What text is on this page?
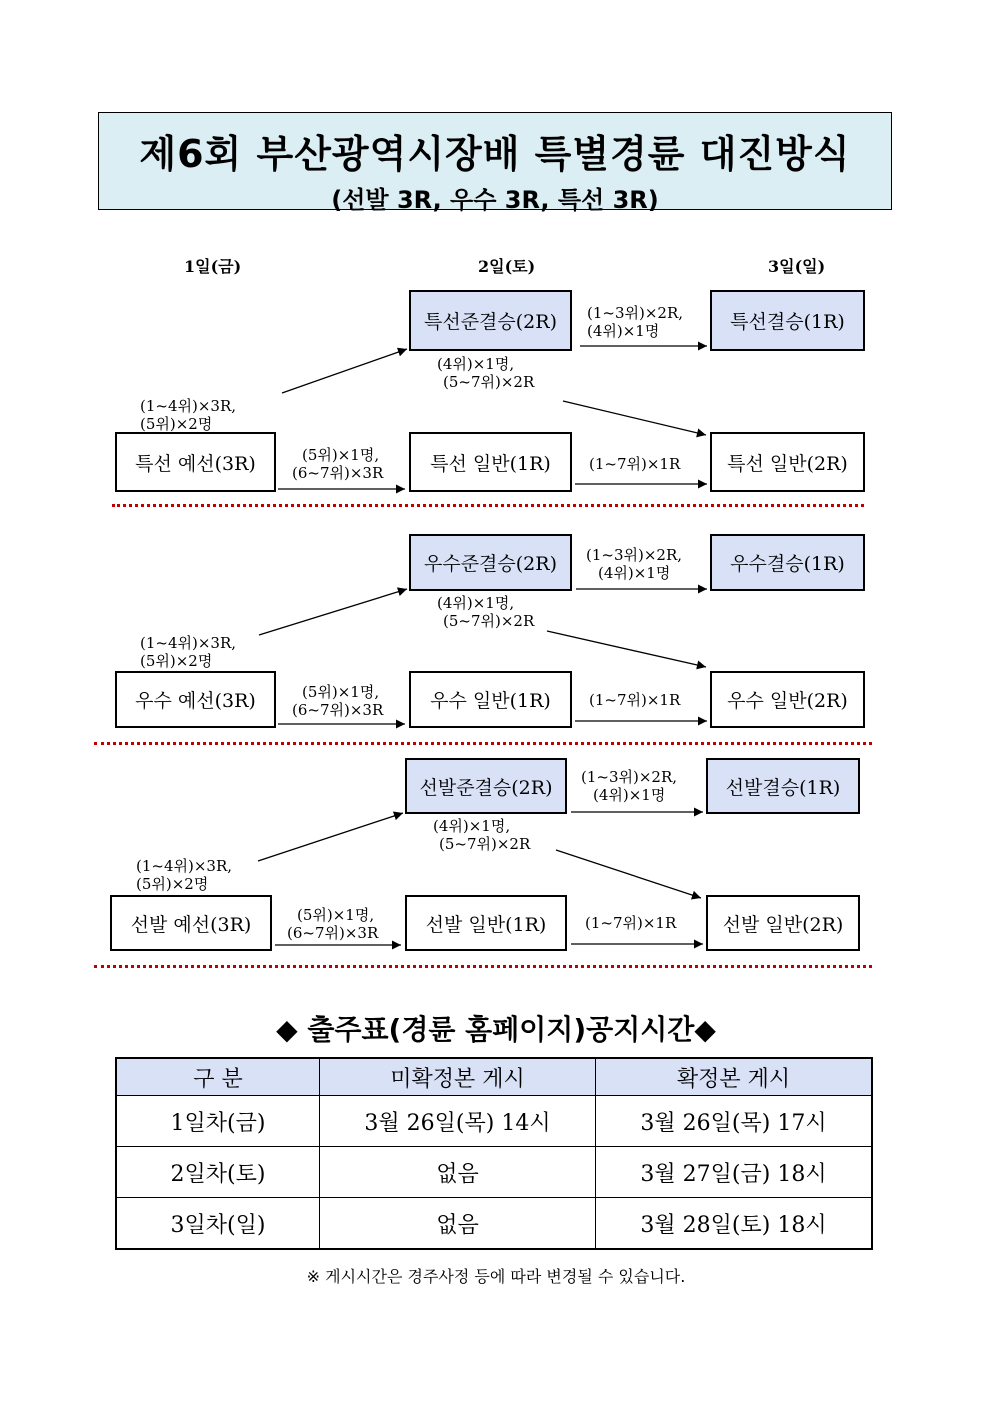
제6회 부산광역시장배 특별경륜 대진방식
(선발 3R, 우수 3R, 특선 3R)
1일(금)	2일(토)	3일(일)
특선준결승(2R)	특선결승(1R)
특선 예선(3R)	특선 일반(1R)	특선 일반(2R)
(1~3위)×2R,
(4위)×1명
(4위)×1명,
(5~7위)×2R
(1~4위)×3R,
(5위)×2명
(5위)×1명,
(6~7위)×3R	(1~7위)×1R
우수준결승(2R)	우수결승(1R)
우수 예선(3R)	우수 일반(1R)	우수 일반(2R)
(1~3위)×2R,
(4위)×1명
(4위)×1명,
(5~7위)×2R
(1~4위)×3R,
(5위)×2명
(5위)×1명,
(6~7위)×3R
(1~7위)×1R
선발준결승(2R)	선발결승(1R)
선발 예선(3R)	선발 일반(1R)	선발 일반(2R)
(1~3위)×2R,
(4위)×1명
(4위)×1명,
(5~7위)×2R
(1~4위)×3R,
(5위)×2명
(5위)×1명,
(6~7위)×3R
(1~7위)×1R
◆ 출주표(경륜 홈페이지)공지시간◆
구 분	미확정본 게시	확정본 게시
1일차(금)	3월 26일(목) 14시	3월 26일(목) 17시
2일차(토)	없음	3월 27일(금) 18시
3일차(일)	없음	3월 28일(토) 18시
※ 게시시간은 경주사정 등에 따라 변경될 수 있습니다.
